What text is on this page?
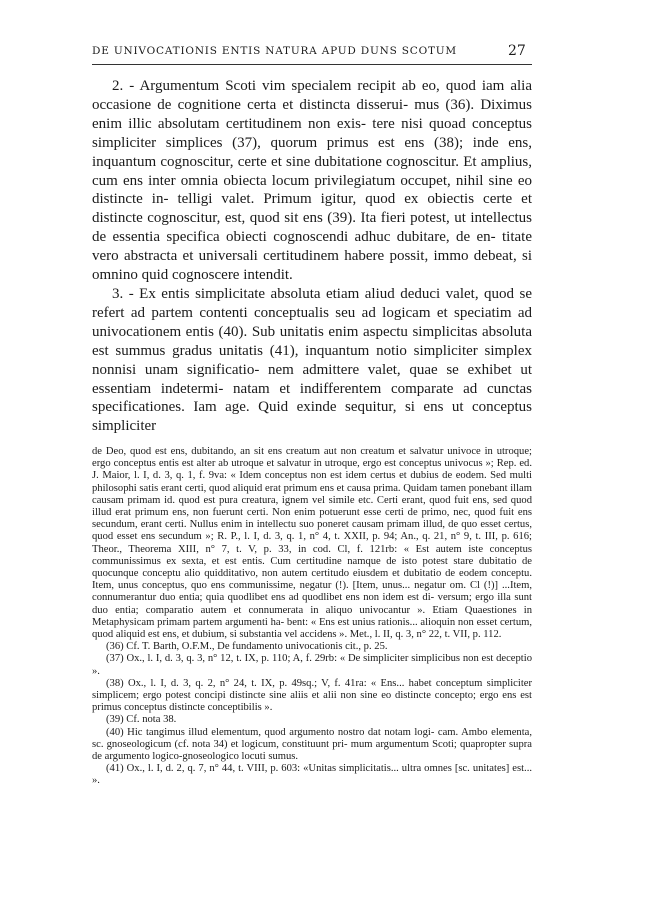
DE UNIVOCATIONIS ENTIS NATURA APUD DUNS SCOTUM	27

2. - Argumentum Scoti vim specialem recipit ab eo, quod iam alia occasione de cognitione certa et distincta disserui- mus (36). Diximus enim illic absolutam certitudinem non exis- tere nisi quoad conceptus simpliciter simplices (37), quorum primus est ens (38); inde ens, inquantum cognoscitur, certe et sine dubitatione cognoscitur. Et amplius, cum ens inter omnia obiecta locum privilegiatum occupet, nihil sine eo distincte in- telligi valet. Primum igitur, quod ex obiectis certe et distincte cognoscitur, est, quod sit ens (39). Ita fieri potest, ut intellectus de essentia specifica obiecti cognoscendi adhuc dubitare, de en- titate vero abstracta et universali certitudinem habere possit, immo debeat, si omnino quid cognoscere intendit.

3. - Ex entis simplicitate absoluta etiam aliud deduci valet, quod se refert ad partem contenti conceptualis seu ad logicam et speciatim ad univocationem entis (40). Sub unitatis enim aspectu simplicitas absoluta est summus gradus unitatis (41), inquantum notio simpliciter simplex nonnisi unam significatio- nem admittere valet, quae se exhibet ut essentiam indetermi- natam et indifferentem comparate ad cunctas specificationes. Iam age. Quid exinde sequitur, si ens ut conceptus simpliciter

de Deo, quod est ens, dubitando, an sit ens creatum aut non creatum et salvatur univoce in utroque; ergo conceptus entis est alter ab utroque et salvatur in utroque, ergo est conceptus univocus »; Rep. ed. J. Maior, l. I, d. 3, q. 1, f. 9va: « Idem conceptus non est idem certus et dubius de eodem. Sed multi philosophi satis erant certi, quod aliquid erat primum ens et causa prima. Quidam tamen ponebant illam causam primam id. quod est pura creatura, ignem vel simile etc. Certi erant, quod fuit ens, sed quod illud erat primum ens, non fuerunt certi. Non enim potuerunt esse certi de primo, nec, quod fuit ens secundum, erant certi. Nullus enim in intellectu suo poneret causam primam illud, de quo esset certus, quod esset ens secundum »; R. P., l. I, d. 3, q. 1, n° 4, t. XXII, p. 94; An., q. 21, n° 9, t. III, p. 616; Theor., Theorema XIII, n° 7, t. V, p. 33, in cod. Cl, f. 121rb: « Est autem iste conceptus communissimus ex sexta, et est entis. Cum certitudine namque de isto potest stare dubitatio de quocunque conceptu alio quidditativo, non autem certitudo eiusdem et dubitatio de eodem conceptu. Item, unus conceptus, quo ens communissime, negatur (!). [Item, unus... negatur om. Cl (!)] ...Item, connumerantur duo entia; quia quodlibet ens ad quodlibet ens non idem est di- versum; ergo illa sunt duo entia; comparatio autem et connumerata in aliquo univocantur ». Etiam Quaestiones in Metaphysicam primam partem argumenti ha- bent: « Ens est unius rationis... alioquin non esset certum, quod aliquid est ens, et dubium, si substantia vel accidens ». Met., l. II, q. 3, n° 22, t. VII, p. 112.

(36) Cf. T. Barth, O.F.M., De fundamento univocationis cit., p. 25.

(37) Ox., l. I, d. 3, q. 3, n° 12, t. IX, p. 110; A, f. 29rb: « De simpliciter simplicibus non est deceptio ».

(38) Ox., l. I, d. 3, q. 2, n° 24, t. IX, p. 49sq.; V, f. 41ra: « Ens... habet conceptum simpliciter simplicem; ergo potest concipi distincte sine aliis et alii non sine eo distincte concepto; ergo ens est primus conceptus distincte conceptibilis ».

(39) Cf. nota 38.

(40) Hic tangimus illud elementum, quod argumento nostro dat notam logi- cam. Ambo elementa, sc. gnoseologicum (cf. nota 34) et logicum, constituunt pri- mum argumentum Scoti; quapropter supra de argumento logico-gnoseologico locuti sumus.

(41) Ox., l. I, d. 2, q. 7, n° 44, t. VIII, p. 603: «Unitas simplicitatis... ultra omnes [sc. unitates] est... ».
